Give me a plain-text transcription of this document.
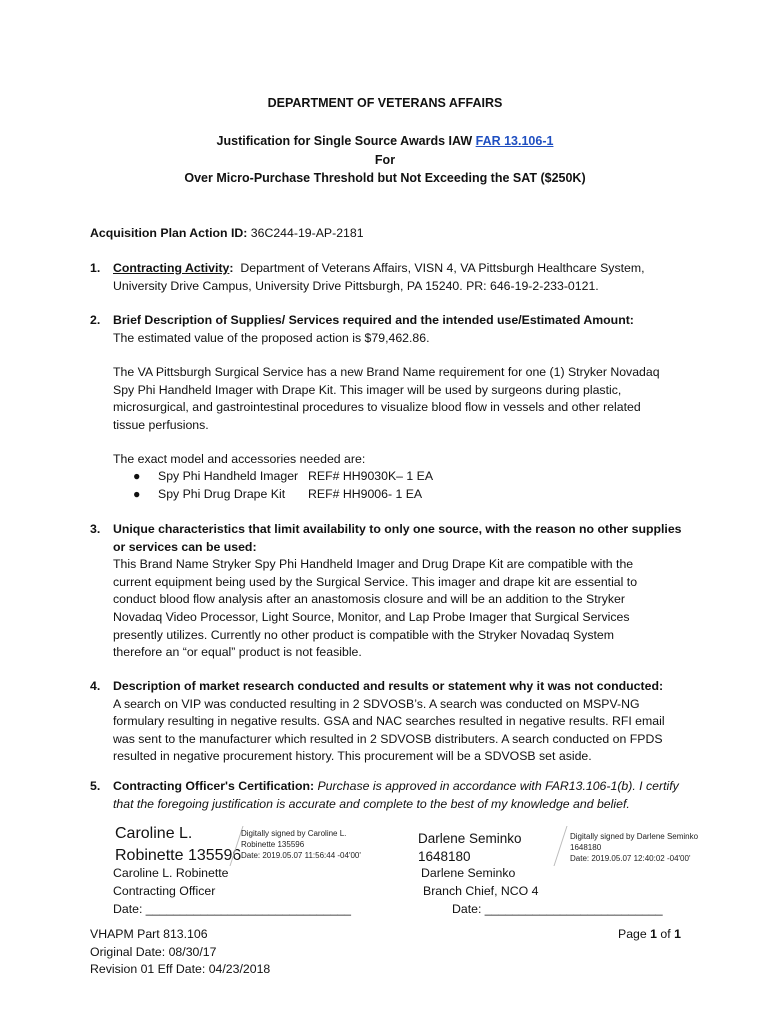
DEPARTMENT OF VETERANS AFFAIRS
Justification for Single Source Awards IAW FAR 13.106-1
For
Over Micro-Purchase Threshold but Not Exceeding the SAT ($250K)
Acquisition Plan Action ID: 36C244-19-AP-2181
1. Contracting Activity: Department of Veterans Affairs, VISN 4, VA Pittsburgh Healthcare System,
University Drive Campus, University Drive Pittsburgh, PA 15240. PR: 646-19-2-233-0121.
2. Brief Description of Supplies/ Services required and the intended use/Estimated Amount:
The estimated value of the proposed action is $79,462.86.
The VA Pittsburgh Surgical Service has a new Brand Name requirement for one (1) Stryker Novadaq
Spy Phi Handheld Imager with Drape Kit. This imager will be used by surgeons during plastic,
microsurgical, and gastrointestinal procedures to visualize blood flow in vessels and other related
tissue perfusions.
The exact model and accessories needed are:
● Spy Phi Handheld Imager REF# HH9030K– 1 EA
● Spy Phi Drug Drape Kit REF# HH9006- 1 EA
3. Unique characteristics that limit availability to only one source, with the reason no other supplies
or services can be used:
This Brand Name Stryker Spy Phi Handheld Imager and Drug Drape Kit are compatible with the
current equipment being used by the Surgical Service. This imager and drape kit are essential to
conduct blood flow analysis after an anastomosis closure and will be an addition to the Stryker
Novadaq Video Processor, Light Source, Monitor, and Lap Probe Imager that Surgical Services
presently utilizes. Currently no other product is compatible with the Stryker Novadaq System
therefore an “or equal” product is not feasible.
4. Description of market research conducted and results or statement why it was not conducted:
A search on VIP was conducted resulting in 2 SDVOSB’s. A search was conducted on MSPV-NG
formulary resulting in negative results. GSA and NAC searches resulted in negative results. RFI email
was sent to the manufacturer which resulted in 2 SDVOSB distributers. A search conducted on FPDS
resulted in negative procurement history. This procurement will be a SDVOSB set aside.
5. Contracting Officer's Certification: Purchase is approved in accordance with FAR13.106-1(b). I certify
that the foregoing justification is accurate and complete to the best of my knowledge and belief.
Caroline L.
Robinette 135596
Digitally signed by Caroline L.
Robinette 135596
Date: 2019.05.07 11:56:44 -04'00'
Caroline L. Robinette
Contracting Officer
Date: ______________________________
Darlene Seminko
1648180
Digitally signed by Darlene Seminko
1648180
Date: 2019.05.07 12:40:02 -04'00'
Darlene Seminko
Branch Chief, NCO 4
Date: __________________________
VHAPM Part 813.106
Original Date: 08/30/17
Revision 01 Eff Date: 04/23/2018
Page 1 of 1
